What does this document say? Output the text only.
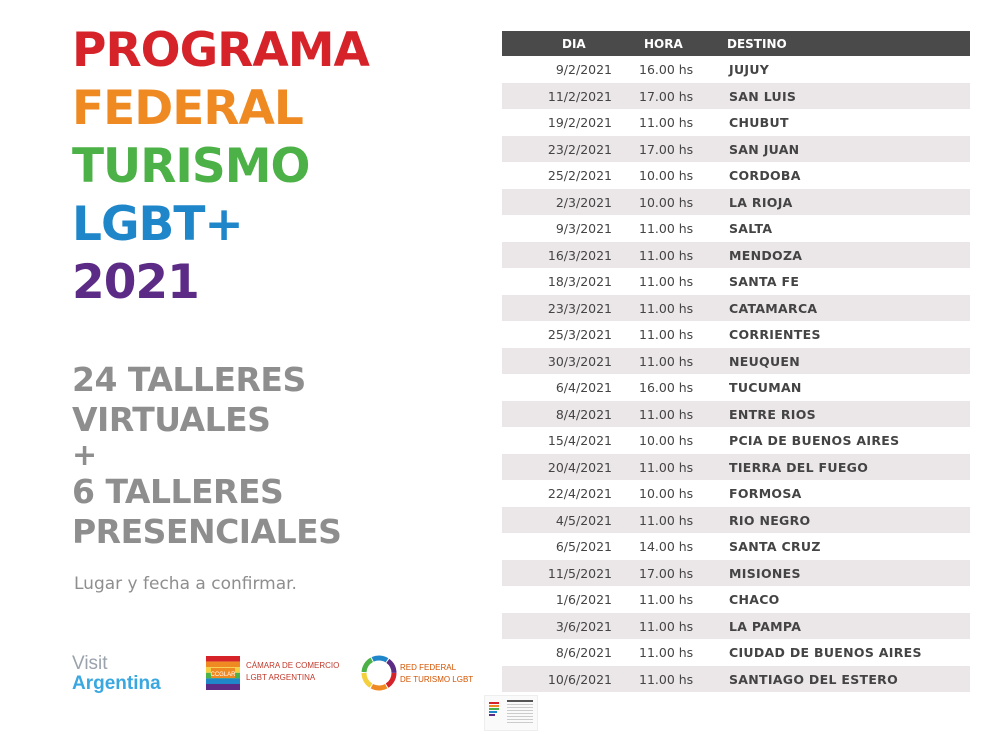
PROGRAMA
FEDERAL
TURISMO
LGBT+
2021
24 TALLERES
VIRTUALES
+
6 TALLERES
PRESENCIALES
Lugar y fecha a confirmar.
Visit
Argentina	CCGLAR
CÁMARA DE COMERCIO
LGBT ARGENTINA
RED FEDERAL
DE TURISMO LGBT
DIA	HORA	DESTINO
9/2/2021 16.00 hs	JUJUY
11/2/2021 17.00 hs	SAN LUIS
19/2/2021 11.00 hs	CHUBUT
23/2/2021 17.00 hs	SAN JUAN
25/2/2021 10.00 hs	CORDOBA
2/3/2021 10.00 hs	LA RIOJA
9/3/2021 11.00 hs	SALTA
16/3/2021 11.00 hs	MENDOZA
18/3/2021 11.00 hs	SANTA FE
23/3/2021 11.00 hs	CATAMARCA
25/3/2021 11.00 hs	CORRIENTES
30/3/2021 11.00 hs	NEUQUEN
6/4/2021 16.00 hs	TUCUMAN
8/4/2021 11.00 hs	ENTRE RIOS
15/4/2021 10.00 hs	PCIA DE BUENOS AIRES
20/4/2021 11.00 hs	TIERRA DEL FUEGO
22/4/2021 10.00 hs	FORMOSA
4/5/2021 11.00 hs	RIO NEGRO
6/5/2021 14.00 hs	SANTA CRUZ
11/5/2021 17.00 hs	MISIONES
1/6/2021 11.00 hs	CHACO
3/6/2021 11.00 hs	LA PAMPA
8/6/2021 11.00 hs	CIUDAD DE BUENOS AIRES
10/6/2021 11.00 hs	SANTIAGO DEL ESTERO
